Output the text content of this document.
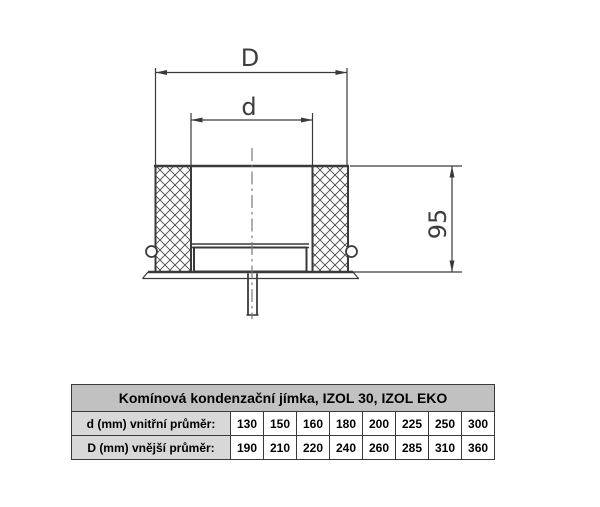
D
d
95
Komínová kondenzační jímka, IZOL 30, IZOL EKO								
d (mm) vnitřní průměr:	130	150	160	180	200	225	250	300
D (mm) vnější průměr:	190	210	220	240	260	285	310	360
